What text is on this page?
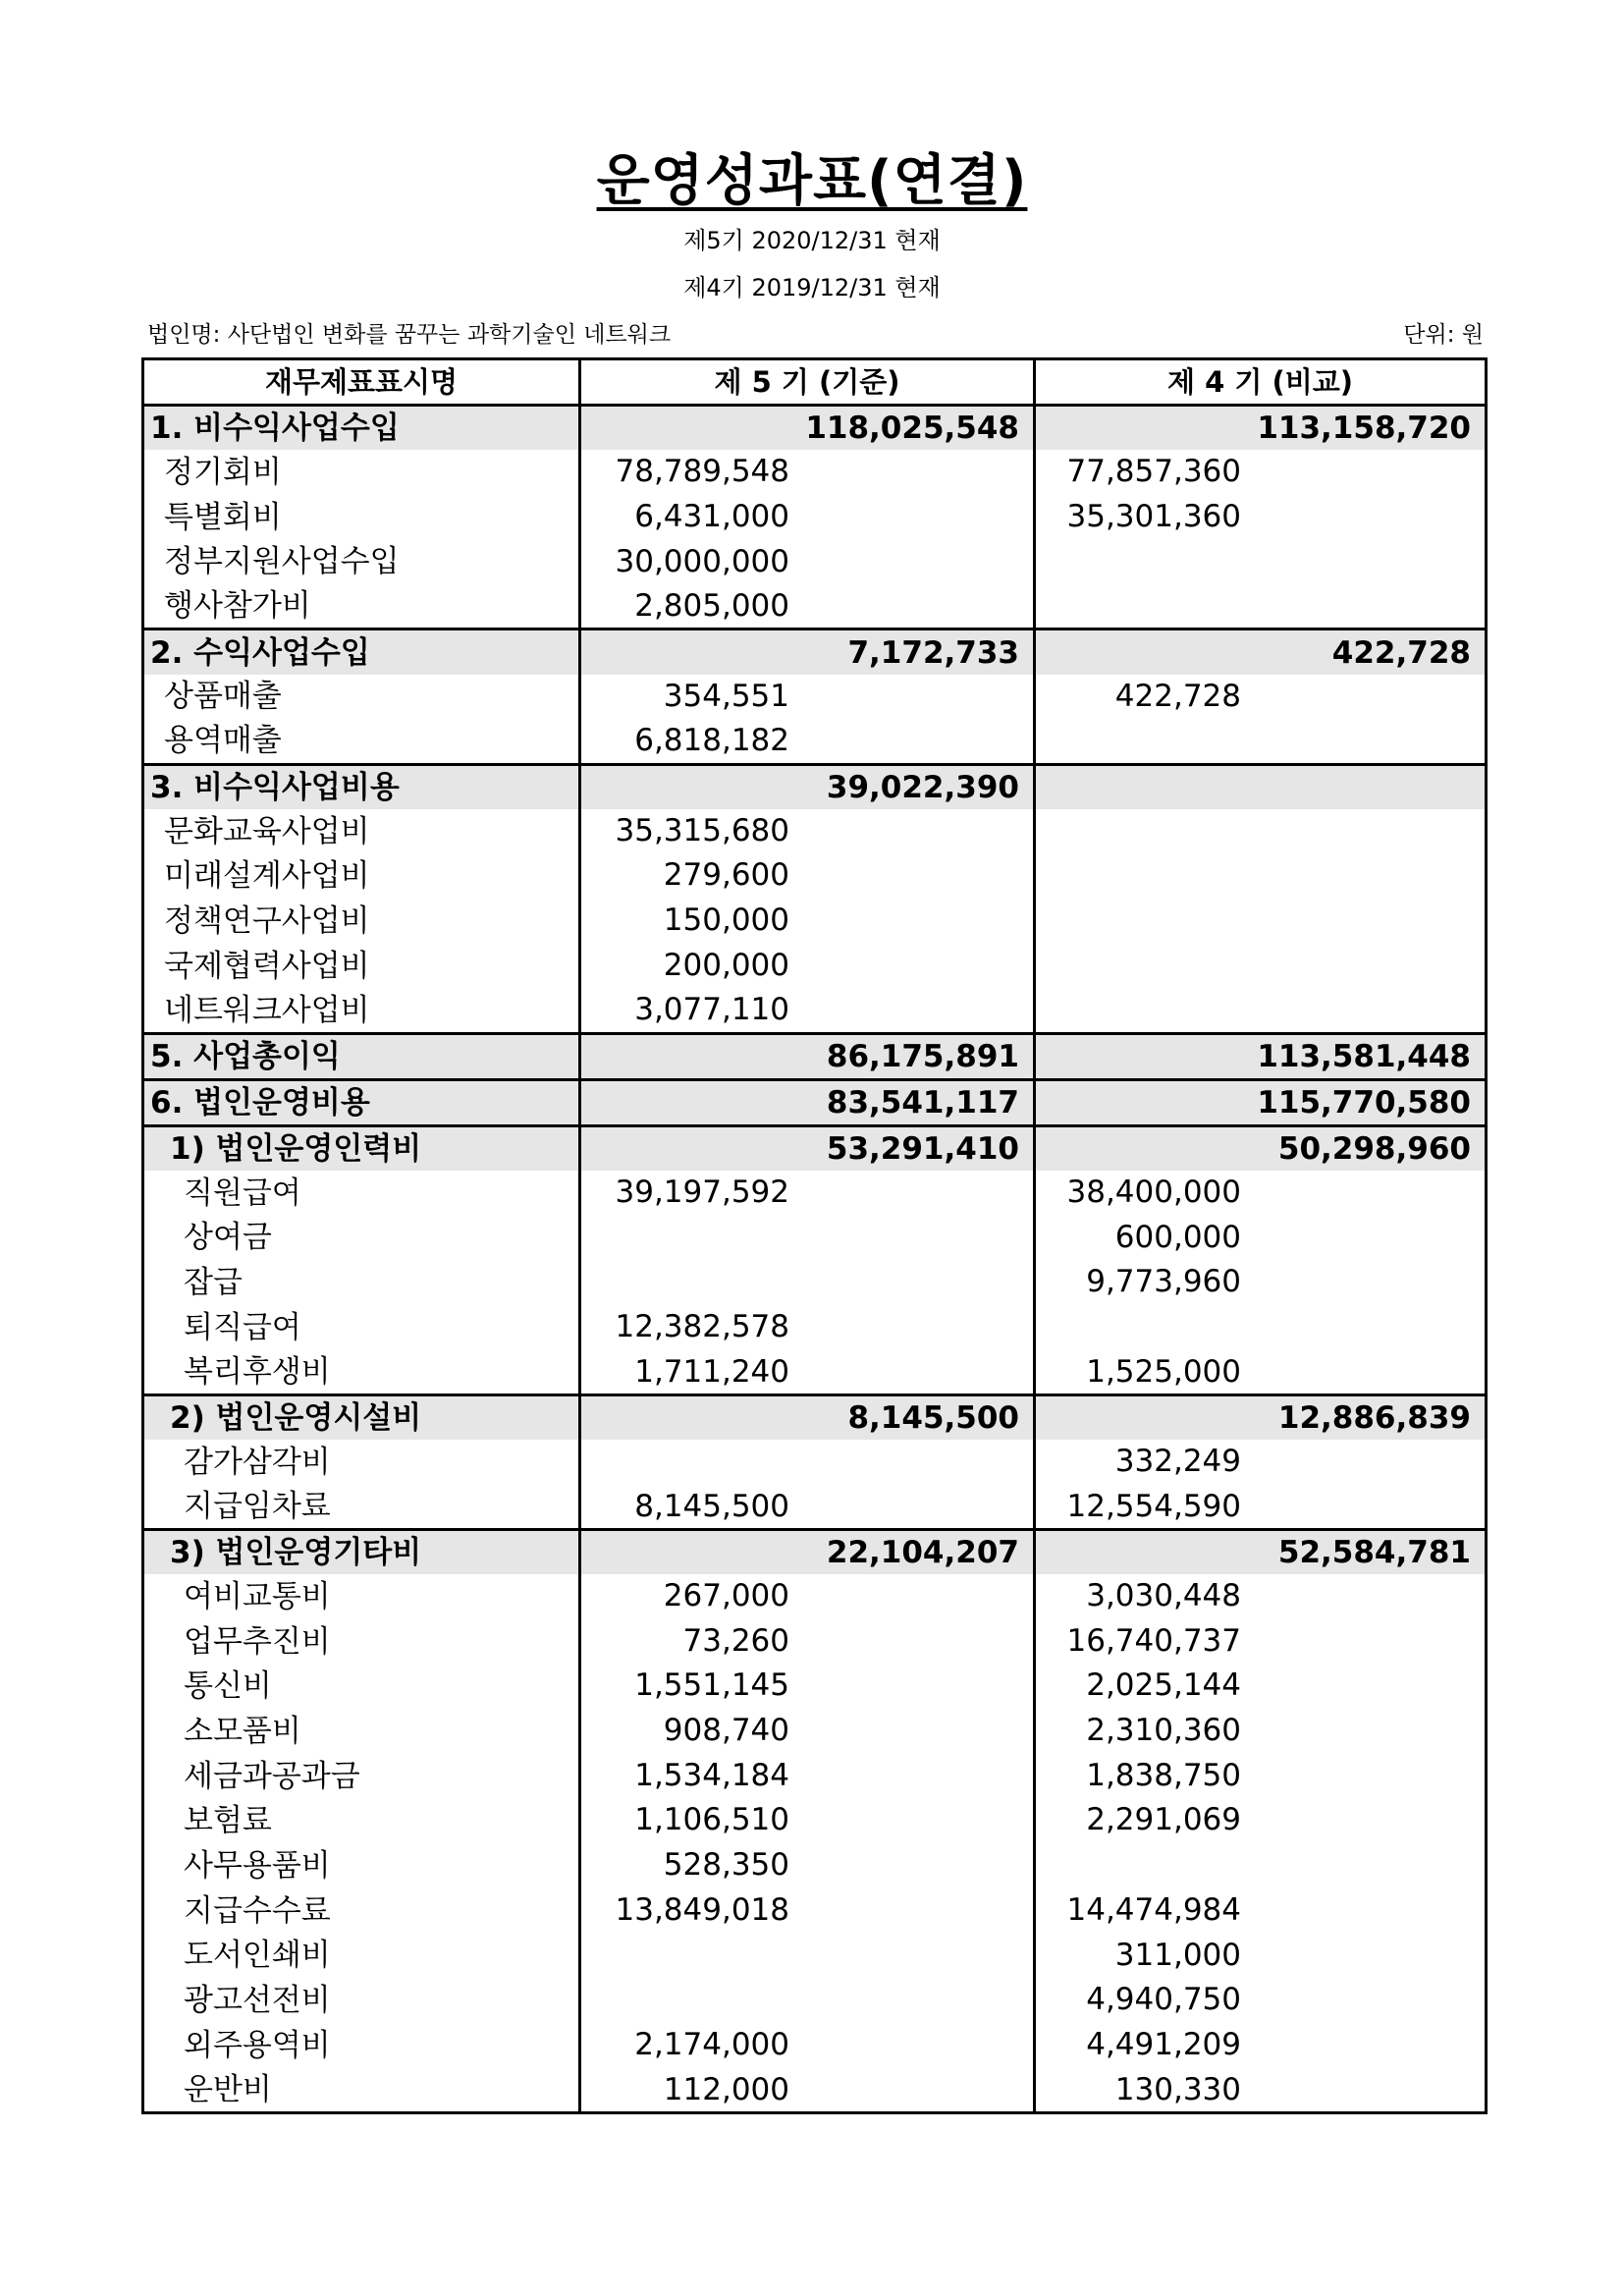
운영성과표(연결)
제5기 2020/12/31 현재
제4기 2019/12/31 현재
법인명: 사단법인 변화를 꿈꾸는 과학기술인 네트워크	단위: 원
재무제표표시명	제 5 기 (기준)	제 4 기 (비교)
1. 비수익사업수입	118,025,548	113,158,720
정기회비	78,789,548	77,857,360

특별회비	6,431,000	35,301,360

정부지원사업수입	30,000,000	

행사참가비	2,805,000	

2. 수익사업수입	7,172,733	422,728
상품매출	354,551	422,728

용역매출	6,818,182	

3. 비수익사업비용	39,022,390	
문화교육사업비	35,315,680	

미래설계사업비	279,600	

정책연구사업비	150,000	

국제협력사업비	200,000	

네트워크사업비	3,077,110	

5. 사업총이익	86,175,891	113,581,448
6. 법인운영비용	83,541,117	115,770,580
1) 법인운영인력비	53,291,410	50,298,960
직원급여	39,197,592	38,400,000

상여금		600,000

잡급		9,773,960

퇴직급여	12,382,578	

복리후생비	1,711,240	1,525,000

2) 법인운영시설비	8,145,500	12,886,839
감가삼각비		332,249

지급임차료	8,145,500	12,554,590

3) 법인운영기타비	22,104,207	52,584,781
여비교통비	267,000	3,030,448

업무추진비	73,260	16,740,737

통신비	1,551,145	2,025,144

소모품비	908,740	2,310,360

세금과공과금	1,534,184	1,838,750

보험료	1,106,510	2,291,069

사무용품비	528,350	

지급수수료	13,849,018	14,474,984

도서인쇄비		311,000

광고선전비		4,940,750

외주용역비	2,174,000	4,491,209

운반비	112,000	130,330
